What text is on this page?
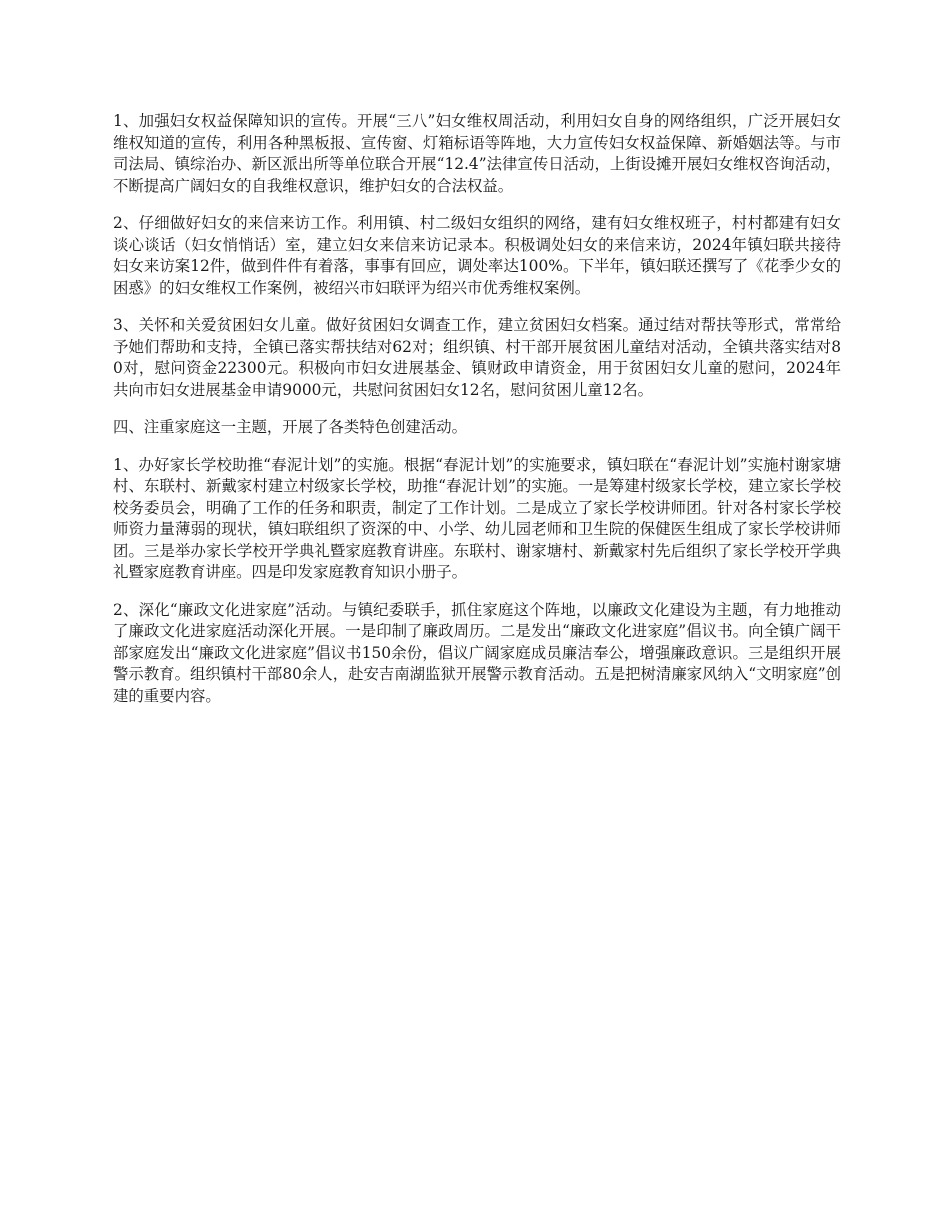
1、加强妇女权益保障知识的宣传。开展“三八”妇女维权周活动，利用妇女自身的网络组织，广泛开展妇女维权知道的宣传，利用各种黑板报、宣传窗、灯箱标语等阵地，大力宣传妇女权益保障、新婚姻法等。与市司法局、镇综治办、新区派出所等单位联合开展“12.4”法律宣传日活动，上街设摊开展妇女维权咨询活动，不断提高广阔妇女的自我维权意识，维护妇女的合法权益。

2、仔细做好妇女的来信来访工作。利用镇、村二级妇女组织的网络，建有妇女维权班子，村村都建有妇女谈心谈话（妇女悄悄话）室，建立妇女来信来访记录本。积极调处妇女的来信来访，2024年镇妇联共接待妇女来访案12件，做到件件有着落，事事有回应，调处率达100%。下半年，镇妇联还撰写了《花季少女的困惑》的妇女维权工作案例，被绍兴市妇联评为绍兴市优秀维权案例。

3、关怀和关爱贫困妇女儿童。做好贫困妇女调查工作，建立贫困妇女档案。通过结对帮扶等形式，常常给予她们帮助和支持，全镇已落实帮扶结对62对；组织镇、村干部开展贫困儿童结对活动，全镇共落实结对80对，慰问资金22300元。积极向市妇女进展基金、镇财政申请资金，用于贫困妇女儿童的慰问，2024年共向市妇女进展基金申请9000元，共慰问贫困妇女12名，慰问贫困儿童12名。

四、注重家庭这一主题，开展了各类特色创建活动。

1、办好家长学校助推“春泥计划”的实施。根据“春泥计划”的实施要求，镇妇联在“春泥计划”实施村谢家塘村、东联村、新戴家村建立村级家长学校，助推“春泥计划”的实施。一是筹建村级家长学校，建立家长学校校务委员会，明确了工作的任务和职责，制定了工作计划。二是成立了家长学校讲师团。针对各村家长学校师资力量薄弱的现状，镇妇联组织了资深的中、小学、幼儿园老师和卫生院的保健医生组成了家长学校讲师团。三是举办家长学校开学典礼暨家庭教育讲座。东联村、谢家塘村、新戴家村先后组织了家长学校开学典礼暨家庭教育讲座。四是印发家庭教育知识小册子。

2、深化“廉政文化进家庭”活动。与镇纪委联手，抓住家庭这个阵地，以廉政文化建设为主题，有力地推动了廉政文化进家庭活动深化开展。一是印制了廉政周历。二是发出“廉政文化进家庭”倡议书。向全镇广阔干部家庭发出“廉政文化进家庭”倡议书150余份，倡议广阔家庭成员廉洁奉公，增强廉政意识。三是组织开展警示教育。组织镇村干部80余人，赴安吉南湖监狱开展警示教育活动。五是把树清廉家风纳入“文明家庭”创建的重要内容。
